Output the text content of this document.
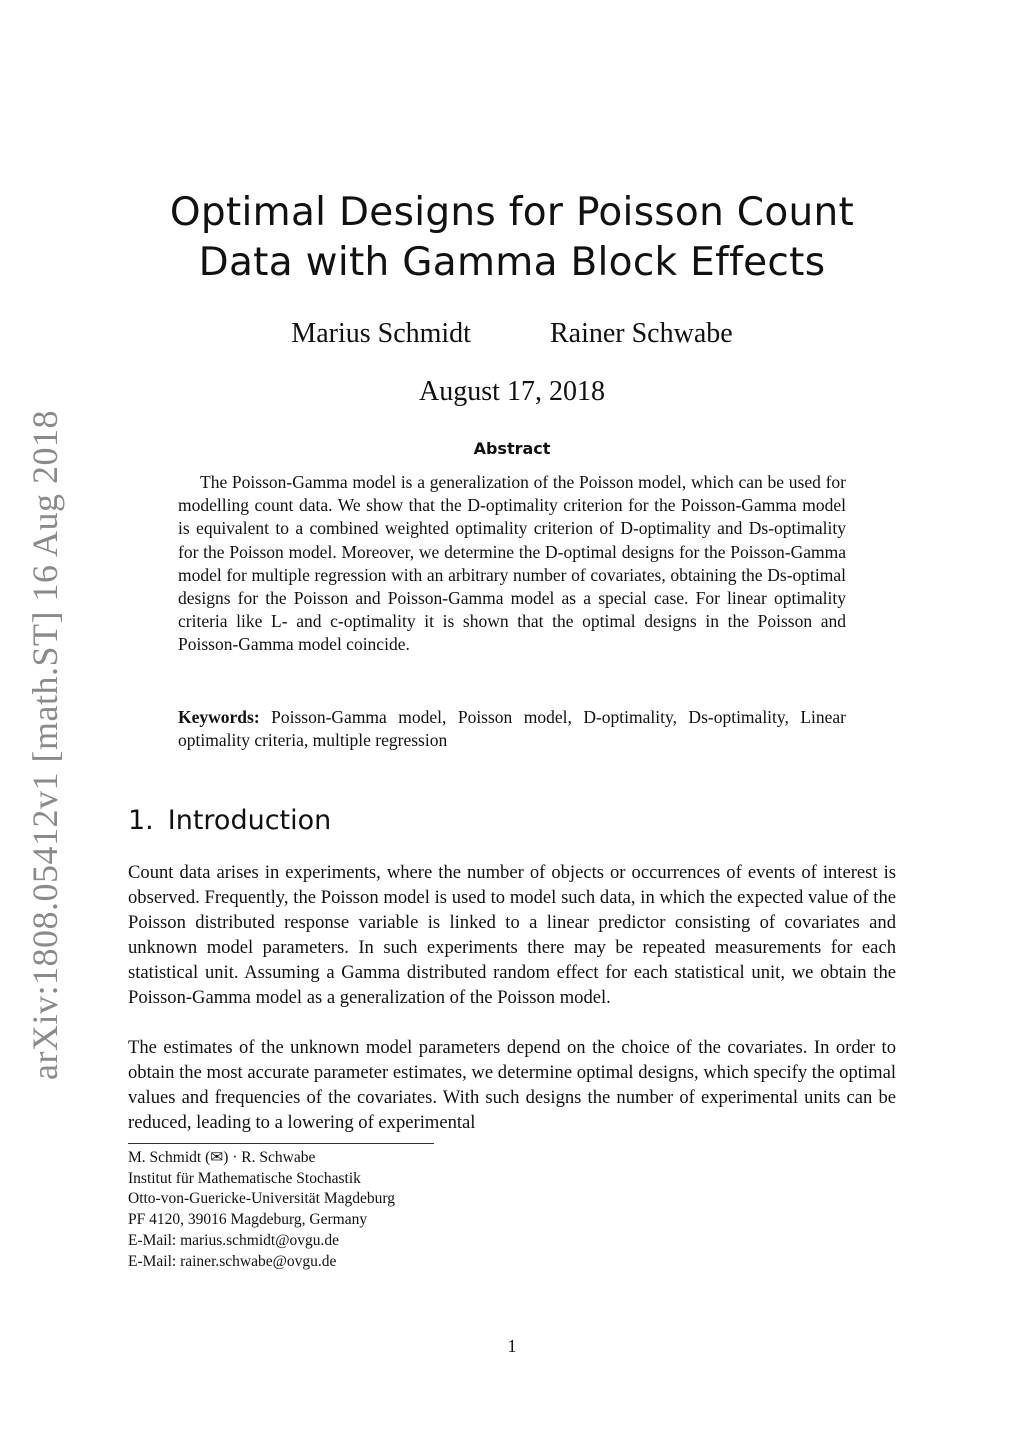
arXiv:1808.05412v1 [math.ST] 16 Aug 2018
Optimal Designs for Poisson Count
Data with Gamma Block Effects
Marius Schmidt	Rainer Schwabe
August 17, 2018
Abstract
The Poisson-Gamma model is a generalization of the Poisson model, which can be used for modelling count data. We show that the D-optimality criterion for the Poisson-Gamma model is equivalent to a combined weighted optimality criterion of D-optimality and Ds-optimality for the Poisson model. Moreover, we determine the D-optimal designs for the Poisson-Gamma model for multiple regression with an arbitrary number of covariates, obtaining the Ds-optimal designs for the Poisson and Poisson-Gamma model as a special case. For linear optimality criteria like L- and c-optimality it is shown that the optimal designs in the Poisson and Poisson-Gamma model coincide.
Keywords: Poisson-Gamma model, Poisson model, D-optimality, Ds-optimality, Linear optimality criteria, multiple regression
1. Introduction
Count data arises in experiments, where the number of objects or occurrences of events of interest is observed. Frequently, the Poisson model is used to model such data, in which the expected value of the Poisson distributed response variable is linked to a linear predictor consisting of covariates and unknown model parameters. In such experiments there may be repeated measurements for each statistical unit. Assuming a Gamma distributed random effect for each statistical unit, we obtain the Poisson-Gamma model as a generalization of the Poisson model.
The estimates of the unknown model parameters depend on the choice of the covariates. In order to obtain the most accurate parameter estimates, we determine optimal designs, which specify the optimal values and frequencies of the covariates. With such designs the number of experimental units can be reduced, leading to a lowering of experimental
M. Schmidt (✉) · R. Schwabe
Institut für Mathematische Stochastik
Otto-von-Guericke-Universität Magdeburg
PF 4120, 39016 Magdeburg, Germany
E-Mail: marius.schmidt@ovgu.de
E-Mail: rainer.schwabe@ovgu.de
1
